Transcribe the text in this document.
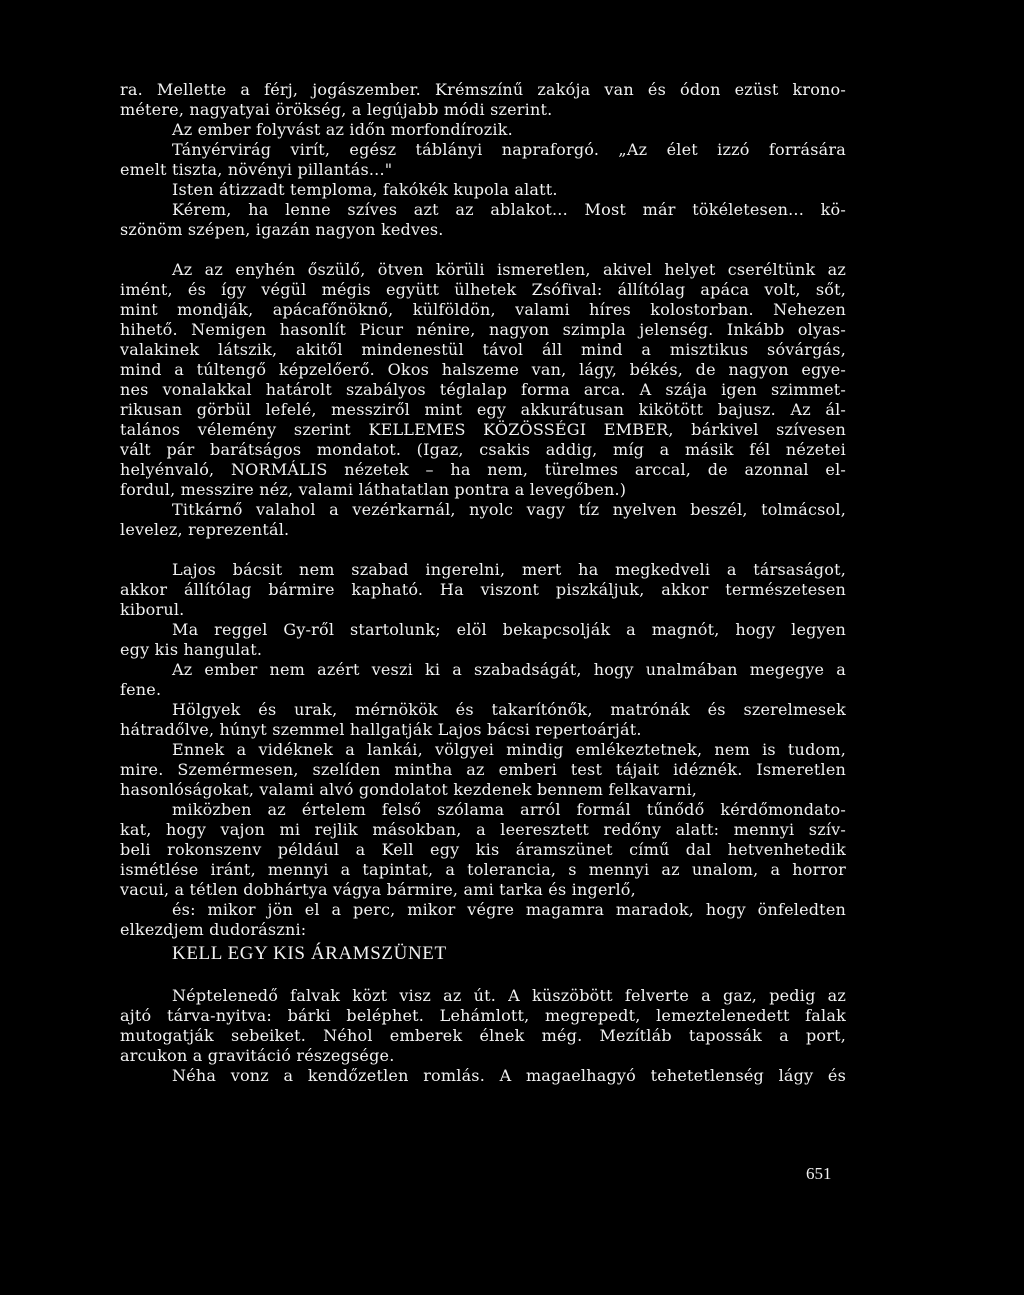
ra. Mellette a férj, jogászember. Krémszínű zakója van és ódon ezüst krono-
métere, nagyatyai örökség, a legújabb módi szerint.
Az ember folyvást az időn morfondírozik.
Tányérvirág virít, egész táblányi napraforgó. „Az élet izzó forrására
emelt tiszta, növényi pillantás..."
Isten átizzadt temploma, fakókék kupola alatt.
Kérem, ha lenne szíves azt az ablakot... Most már tökéletesen... kö-
szönöm szépen, igazán nagyon kedves.
Az az enyhén őszülő, ötven körüli ismeretlen, akivel helyet cseréltünk az
imént, és így végül mégis együtt ülhetek Zsófival: állítólag apáca volt, sőt,
mint mondják, apácafőnöknő, külföldön, valami híres kolostorban. Nehezen
hihető. Nemigen hasonlít Picur nénire, nagyon szimpla jelenség. Inkább olyas-
valakinek látszik, akitől mindenestül távol áll mind a misztikus sóvárgás,
mind a túltengő képzelőerő. Okos halszeme van, lágy, békés, de nagyon egye-
nes vonalakkal határolt szabályos téglalap forma arca. A szája igen szimmet-
rikusan görbül lefelé, messziről mint egy akkurátusan kikötött bajusz. Az ál-
talános vélemény szerint KELLEMES KÖZÖSSÉGI EMBER, bárkivel szívesen
vált pár barátságos mondatot. (Igaz, csakis addig, míg a másik fél nézetei
helyénvaló, NORMÁLIS nézetek – ha nem, türelmes arccal, de azonnal el-
fordul, messzire néz, valami láthatatlan pontra a levegőben.)
Titkárnő valahol a vezérkarnál, nyolc vagy tíz nyelven beszél, tolmácsol,
levelez, reprezentál.
Lajos bácsit nem szabad ingerelni, mert ha megkedveli a társaságot,
akkor állítólag bármire kapható. Ha viszont piszkáljuk, akkor természetesen
kiborul.
Ma reggel Gy-ről startolunk; elöl bekapcsolják a magnót, hogy legyen
egy kis hangulat.
Az ember nem azért veszi ki a szabadságát, hogy unalmában megegye a
fene.
Hölgyek és urak, mérnökök és takarítónők, matrónák és szerelmesek
hátradőlve, húnyt szemmel hallgatják Lajos bácsi repertoárját.
Ennek a vidéknek a lankái, völgyei mindig emlékeztetnek, nem is tudom,
mire. Szemérmesen, szelíden mintha az emberi test tájait idéznék. Ismeretlen
hasonlóságokat, valami alvó gondolatot kezdenek bennem felkavarni,
miközben az értelem felső szólama arról formál tűnődő kérdőmondato-
kat, hogy vajon mi rejlik másokban, a leeresztett redőny alatt: mennyi szív-
beli rokonszenv például a Kell egy kis áramszünet című dal hetvenhetedik
ismétlése iránt, mennyi a tapintat, a tolerancia, s mennyi az unalom, a horror
vacui, a tétlen dobhártya vágya bármire, ami tarka és ingerlő,
és: mikor jön el a perc, mikor végre magamra maradok, hogy önfeledten
elkezdjem dudorászni:
KELL EGY KIS ÁRAMSZÜNET
Néptelenedő falvak közt visz az út. A küszöbött felverte a gaz, pedig az
ajtó tárva-nyitva: bárki beléphet. Lehámlott, megrepedt, lemeztelenedett falak
mutogatják sebeiket. Néhol emberek élnek még. Mezítláb tapossák a port,
arcukon a gravitáció részegsége.
Néha vonz a kendőzetlen romlás. A magaelhagyó tehetetlenség lágy és
651
